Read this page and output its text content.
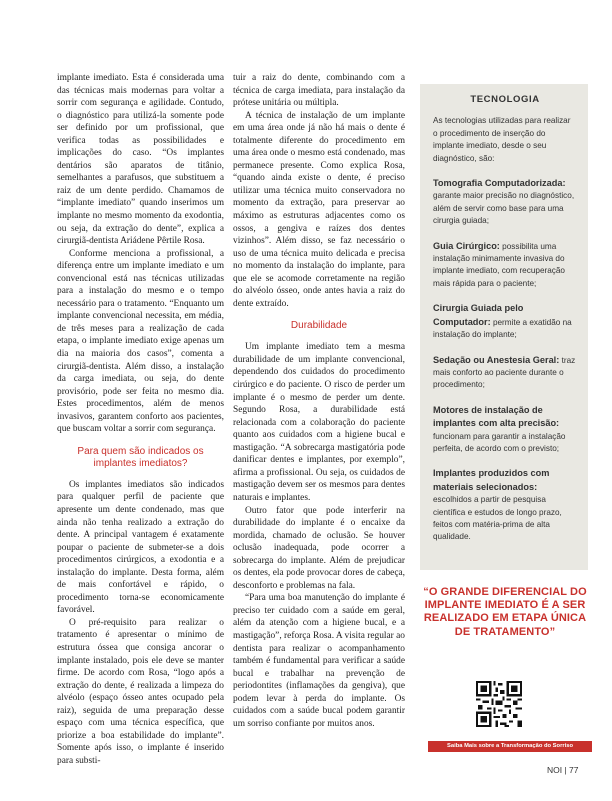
implante imediato. Esta é considerada uma das técnicas mais modernas para voltar a sorrir com segurança e agilidade. Contudo, o diagnóstico para utilizá-la somente pode ser definido por um profissional, que verifica todas as possibilidades e implicações do caso. “Os implantes dentários são aparatos de titânio, semelhantes a parafusos, que substituem a raiz de um dente perdido. Chamamos de “implante imediato” quando inserimos um implante no mesmo momento da exodontia, ou seja, da extração do dente”, explica a cirurgiã-dentista Ariádene Pêrtile Rosa.

Conforme menciona a profissional, a diferença entre um implante imediato e um convencional está nas técnicas utilizadas para a instalação do mesmo e o tempo necessário para o tratamento. “Enquanto um implante convencional necessita, em média, de três meses para a realização de cada etapa, o implante imediato exige apenas um dia na maioria dos casos”, comenta a cirurgiã-dentista. Além disso, a instalação da carga imediata, ou seja, do dente provisório, pode ser feita no mesmo dia. Estes procedimentos, além de menos invasivos, garantem conforto aos pacientes, que buscam voltar a sorrir com segurança.

Para quem são indicados os implantes imediatos?

Os implantes imediatos são indicados para qualquer perfil de paciente que apresente um dente condenado, mas que ainda não tenha realizado a extração do dente. A principal vantagem é exatamente poupar o paciente de submeter-se a dois procedimentos cirúrgicos, a exodontia e a instalação do implante. Desta forma, além de mais confortável e rápido, o procedimento torna-se economicamente favorável.

O pré-requisito para realizar o tratamento é apresentar o mínimo de estrutura óssea que consiga ancorar o implante instalado, pois ele deve se manter firme. De acordo com Rosa, “logo após a extração do dente, é realizada a limpeza do alvéolo (espaço ósseo antes ocupado pela raiz), seguida de uma preparação desse espaço com uma técnica específica, que priorize a boa estabilidade do implante”. Somente após isso, o implante é inserido para substi-

tuir a raiz do dente, combinando com a técnica de carga imediata, para instalação da prótese unitária ou múltipla.

A técnica de instalação de um implante em uma área onde já não há mais o dente é totalmente diferente do procedimento em uma área onde o mesmo está condenado, mas permanece presente. Como explica Rosa, “quando ainda existe o dente, é preciso utilizar uma técnica muito conservadora no momento da extração, para preservar ao máximo as estruturas adjacentes como os ossos, a gengiva e raízes dos dentes vizinhos”. Além disso, se faz necessário o uso de uma técnica muito delicada e precisa no momento da instalação do implante, para que ele se acomode corretamente na região do alvéolo ósseo, onde antes havia a raiz do dente extraído.

Durabilidade

Um implante imediato tem a mesma durabilidade de um implante convencional, dependendo dos cuidados do procedimento cirúrgico e do paciente. O risco de perder um implante é o mesmo de perder um dente. Segundo Rosa, a durabilidade está relacionada com a colaboração do paciente quanto aos cuidados com a higiene bucal e mastigação. “A sobrecarga mastigatória pode danificar dentes e implantes, por exemplo”, afirma a profissional. Ou seja, os cuidados de mastigação devem ser os mesmos para dentes naturais e implantes.

Outro fator que pode interferir na durabilidade do implante é o encaixe da mordida, chamado de oclusão. Se houver oclusão inadequada, pode ocorrer a sobrecarga do implante. Além de prejudicar os dentes, ela pode provocar dores de cabeça, desconforto e problemas na fala.

“Para uma boa manutenção do implante é preciso ter cuidado com a saúde em geral, além da atenção com a higiene bucal, e a mastigação”, reforça Rosa. A visita regular ao dentista para realizar o acompanhamento também é fundamental para verificar a saúde bucal e trabalhar na prevenção de periodontites (inflamações da gengiva), que podem levar à perda do implante. Os cuidados com a saúde bucal podem garantir um sorriso confiante por muitos anos.

TECNOLOGIA
As tecnologias utilizadas para realizar o procedimento de inserção do implante imediato, desde o seu diagnóstico, são:
Tomografia Computadorizada: garante maior precisão no diagnóstico, além de servir como base para uma cirurgia guiada;
Guia Cirúrgico: possibilita uma instalação minimamente invasiva do implante imediato, com recuperação mais rápida para o paciente;
Cirurgia Guiada pelo Computador: permite a exatidão na instalação do implante;
Sedação ou Anestesia Geral: traz mais conforto ao paciente durante o procedimento;
Motores de instalação de implantes com alta precisão: funcionam para garantir a instalação perfeita, de acordo com o previsto;
Implantes produzidos com materiais selecionados: escolhidos a partir de pesquisa científica e estudos de longo prazo, feitos com matéria-prima de alta qualidade.
“O GRANDE DIFERENCIAL DO IMPLANTE IMEDIATO É A SER REALIZADO EM ETAPA ÚNICA DE TRATAMENTO”
Saiba Mais sobre a Transformação do Sorriso
NOI | 77
